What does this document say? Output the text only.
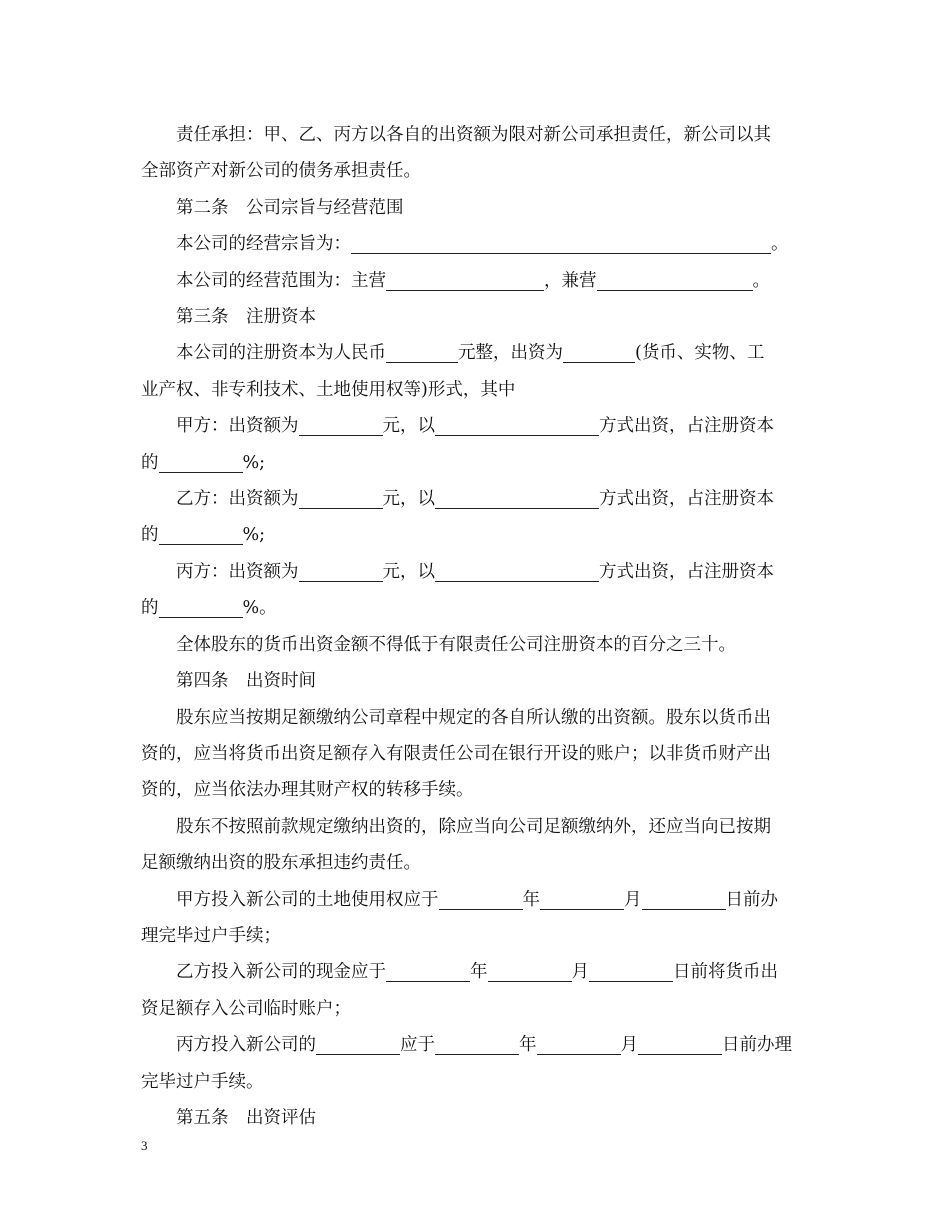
责任承担：甲、乙、丙方以各自的出资额为限对新公司承担责任，新公司以其

全部资产对新公司的债务承担责任。

第二条　公司宗旨与经营范围

本公司的经营宗旨为：	。

本公司的经营范围为：主营	，兼营	。

第三条　注册资本

本公司的注册资本为人民币	元整，出资为	(货币、实物、工

业产权、非专利技术、土地使用权等)形式，其中

甲方：出资额为	元，以	方式出资，占注册资本

的	%;

乙方：出资额为	元，以	方式出资，占注册资本

的	%;

丙方：出资额为	元，以	方式出资，占注册资本

的	%。

全体股东的货币出资金额不得低于有限责任公司注册资本的百分之三十。

第四条　出资时间

股东应当按期足额缴纳公司章程中规定的各自所认缴的出资额。股东以货币出

资的，应当将货币出资足额存入有限责任公司在银行开设的账户；以非货币财产出

资的，应当依法办理其财产权的转移手续。

股东不按照前款规定缴纳出资的，除应当向公司足额缴纳外，还应当向已按期

足额缴纳出资的股东承担违约责任。

甲方投入新公司的土地使用权应于	年	月	日前办

理完毕过户手续；

乙方投入新公司的现金应于	年	月	日前将货币出

资足额存入公司临时账户；

丙方投入新公司的	应于	年	月	日前办理

完毕过户手续。

第五条　出资评估

3
